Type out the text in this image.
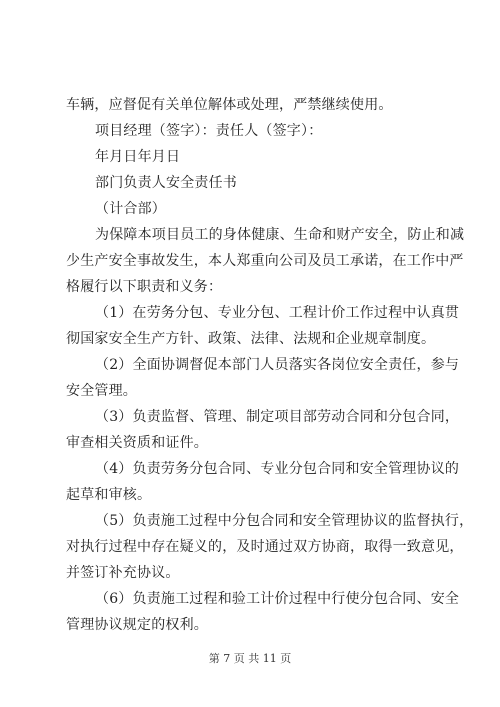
车辆，应督促有关单位解体或处理，严禁继续使用。
项目经理（签字）：责任人（签字）：
年月日年月日
部门负责人安全责任书
（计合部）
为保障本项目员工的身体健康、生命和财产安全，防止和减
少生产安全事故发生，本人郑重向公司及员工承诺，在工作中严
格履行以下职责和义务：
（1）在劳务分包、专业分包、工程计价工作过程中认真贯
彻国家安全生产方针、政策、法律、法规和企业规章制度。
（2）全面协调督促本部门人员落实各岗位安全责任，参与
安全管理。
（3）负责监督、管理、制定项目部劳动合同和分包合同，
审查相关资质和证件。
（4）负责劳务分包合同、专业分包合同和安全管理协议的
起草和审核。
（5）负责施工过程中分包合同和安全管理协议的监督执行，
对执行过程中存在疑义的，及时通过双方协商，取得一致意见，
并签订补充协议。
（6）负责施工过程和验工计价过程中行使分包合同、安全
管理协议规定的权利。
第 7 页 共 11 页
